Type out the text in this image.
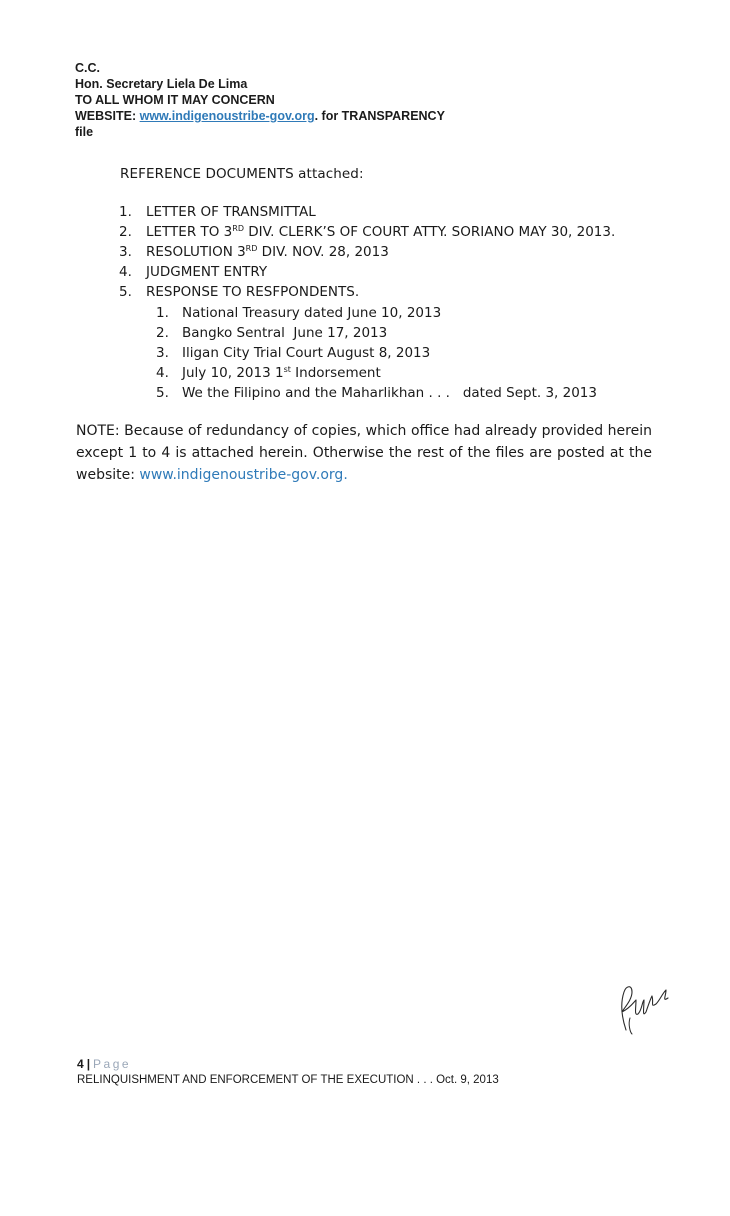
C.C.
Hon. Secretary Liela De Lima
TO ALL WHOM IT MAY CONCERN
WEBSITE: www.indigenoustribe-gov.org. for TRANSPARENCY
file
REFERENCE DOCUMENTS attached:
1. LETTER OF TRANSMITTAL
2. LETTER TO 3RD DIV. CLERK’S OF COURT ATTY. SORIANO MAY 30, 2013.
3. RESOLUTION 3RD DIV. NOV. 28, 2013
4. JUDGMENT ENTRY
5. RESPONSE TO RESFPONDENTS.
1. National Treasury dated June 10, 2013
2. Bangko Sentral  June 17, 2013
3. Iligan City Trial Court August 8, 2013
4. July 10, 2013 1st Indorsement
5. We the Filipino and the Maharlikhan . . .   dated Sept. 3, 2013
NOTE: Because of redundancy of copies, which office had already provided herein except 1 to 4 is attached herein. Otherwise the rest of the files are posted at the website: www.indigenoustribe-gov.org.
4 | Page
RELINQUISHMENT AND ENFORCEMENT OF THE EXECUTION . . . Oct. 9, 2013
